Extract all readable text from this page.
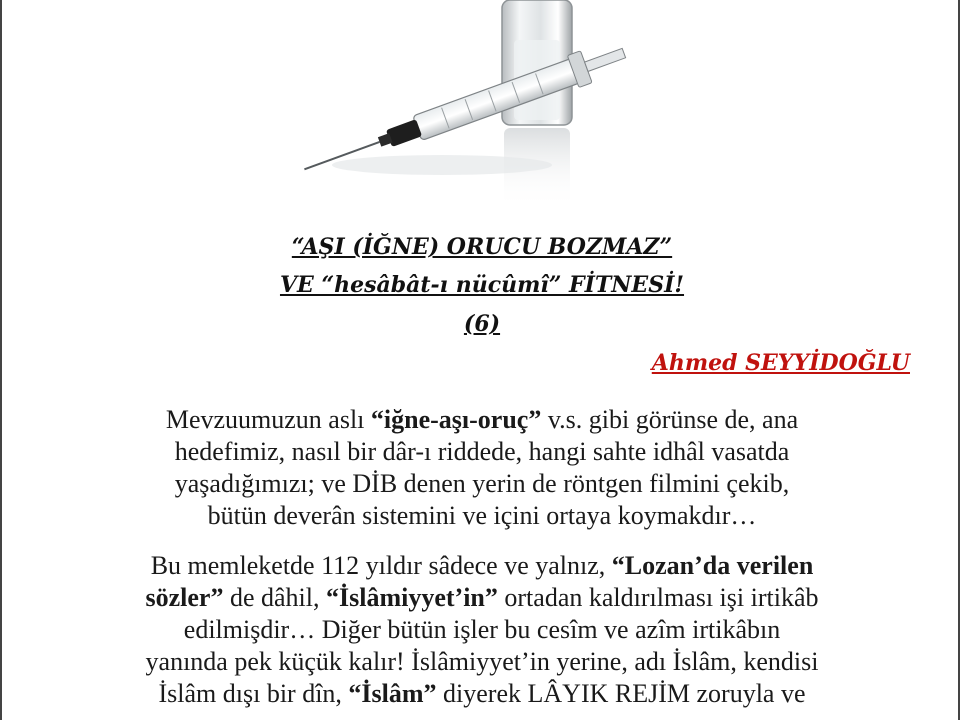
“AŞI (İĞNE) ORUCU BOZMAZ”
VE “hesâbât-ı nücûmî” FİTNESİ!
(6)
Ahmed SEYYİDOĞLU
Mevzuumuzun aslı “iğne-aşı-oruç” v.s. gibi görünse de, ana
hedefimiz, nasıl bir dâr-ı riddede, hangi sahte idhâl vasatda
yaşadığımızı; ve DİB denen yerin de röntgen filmini çekib,
bütün deverân sistemini ve içini ortaya koymakdır…
Bu memleketde 112 yıldır sâdece ve yalnız, “Lozan’da verilen
sözler” de dâhil, “İslâmiyyet’in” ortadan kaldırılması işi irtikâb
edilmişdir… Diğer bütün işler bu cesîm ve azîm irtikâbın
yanında pek küçük kalır! İslâmiyyet’in yerine, adı İslâm, kendisi
İslâm dışı bir dîn, “İslâm” diyerek LÂYIK REJİM zoruyla ve
